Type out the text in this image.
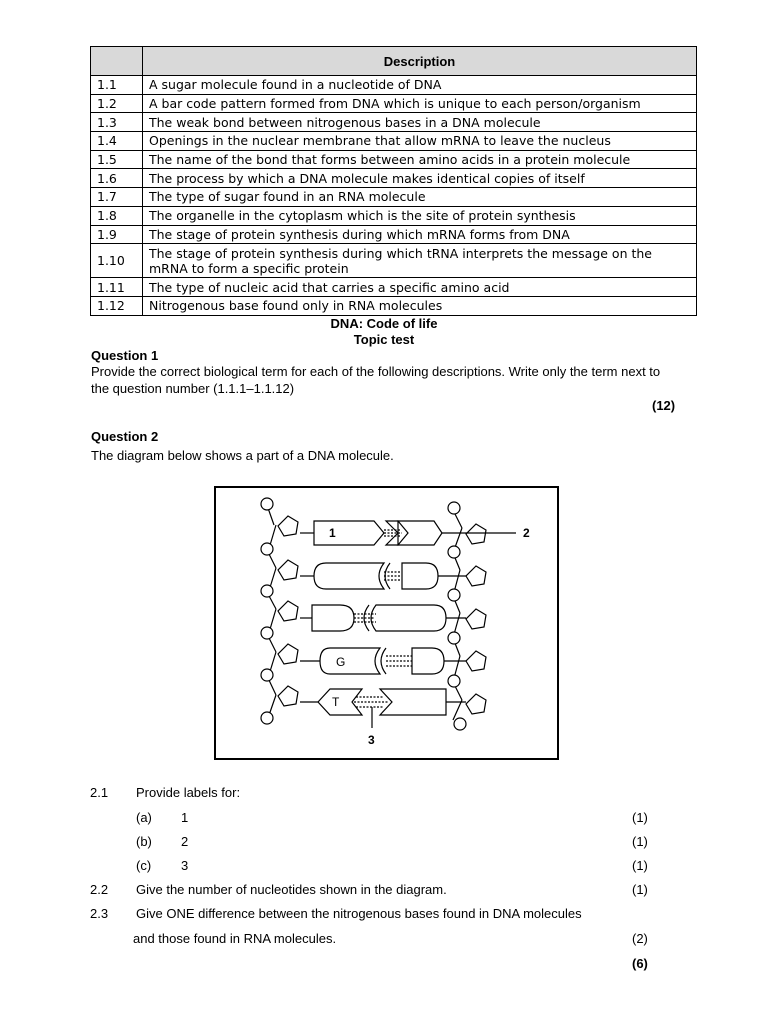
	Description
1.1	A sugar molecule found in a nucleotide of DNA
1.2	A bar code pattern formed from DNA which is unique to each person/organism
1.3	The weak bond between nitrogenous bases in a DNA molecule
1.4	Openings in the nuclear membrane that allow mRNA to leave the nucleus
1.5	The name of the bond that forms between amino acids in a protein molecule
1.6	The process by which a DNA molecule makes identical copies of itself
1.7	The type of sugar found in an RNA molecule
1.8	The organelle in the cytoplasm which is the site of protein synthesis
1.9	The stage of protein synthesis during which mRNA forms from DNA
1.10	The stage of protein synthesis during which tRNA interprets the message on the mRNA to form a specific protein
1.11	The type of nucleic acid that carries a specific amino acid
1.12	Nitrogenous base found only in RNA molecules
DNA: Code of life
Topic test
Question 1
Provide the correct biological term for each of the following descriptions. Write only the term next to the question number (1.1.1–1.1.12)
(12)
Question 2
The diagram below shows a part of a DNA molecule.
1	2
3
G
T
2.1 Provide labels for:
(a) 1	(1)
(b) 2	(1)
(c) 3	(1)
2.2 Give the number of nucleotides shown in the diagram.	(1)
2.3 Give ONE difference between the nitrogenous bases found in DNA molecules
and those found in RNA molecules.	(2)
(6)
